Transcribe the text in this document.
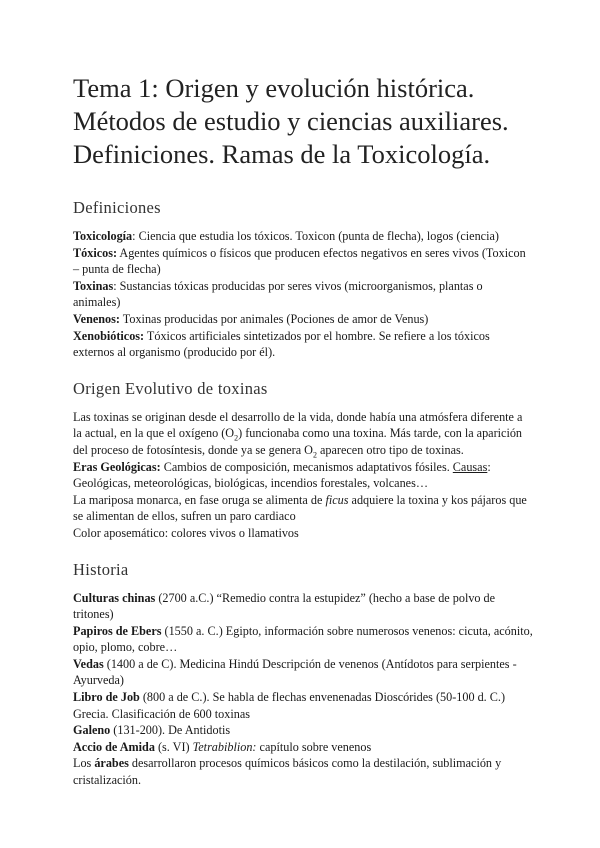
Tema 1: Origen y evolución histórica.
Métodos de estudio y ciencias auxiliares.
Definiciones. Ramas de la Toxicología.
Definiciones

Toxicología: Ciencia que estudia los tóxicos. Toxicon (punta de flecha), logos (ciencia)

Tóxicos: Agentes químicos o físicos que producen efectos negativos en seres vivos (Toxicon – punta de flecha)

Toxinas: Sustancias tóxicas producidas por seres vivos (microorganismos, plantas o animales)

Venenos: Toxinas producidas por animales (Pociones de amor de Venus)

Xenobióticos: Tóxicos artificiales sintetizados por el hombre. Se refiere a los tóxicos externos al organismo (producido por él).

Origen Evolutivo de toxinas

Las toxinas se originan desde el desarrollo de la vida, donde había una atmósfera diferente a la actual, en la que el oxígeno $(O_2)$ funcionaba como una toxina. Más tarde, con la aparición del proceso de fotosíntesis, donde ya se genera $O_2$ aparecen otro tipo de toxinas.

Eras Geológicas: Cambios de composición, mecanismos adaptativos fósiles. Causas: Geológicas, meteorológicas, biológicas, incendios forestales, volcanes…

La mariposa monarca, en fase oruga se alimenta de ficus adquiere la toxina y kos pájaros que se alimentan de ellos, sufren un paro cardiaco

Color aposemático: colores vivos o llamativos

Historia

Culturas chinas (2700 a.C.) “Remedio contra la estupidez” (hecho a base de polvo de tritones)

Papiros de Ebers (1550 a. C.) Egipto, información sobre numerosos venenos: cicuta, acónito, opio, plomo, cobre…

Vedas (1400 a de C). Medicina Hindú Descripción de venenos (Antídotos para serpientes - Ayurveda)

Libro de Job (800 a de C.). Se habla de flechas envenenadas Dioscórides (50-100 d. C.) Grecia. Clasificación de 600 toxinas

Galeno (131-200). De Antidotis

Accio de Amida (s. VI) Tetrabiblion: capítulo sobre venenos

Los árabes desarrollaron procesos químicos básicos como la destilación, sublimación y cristalización.
